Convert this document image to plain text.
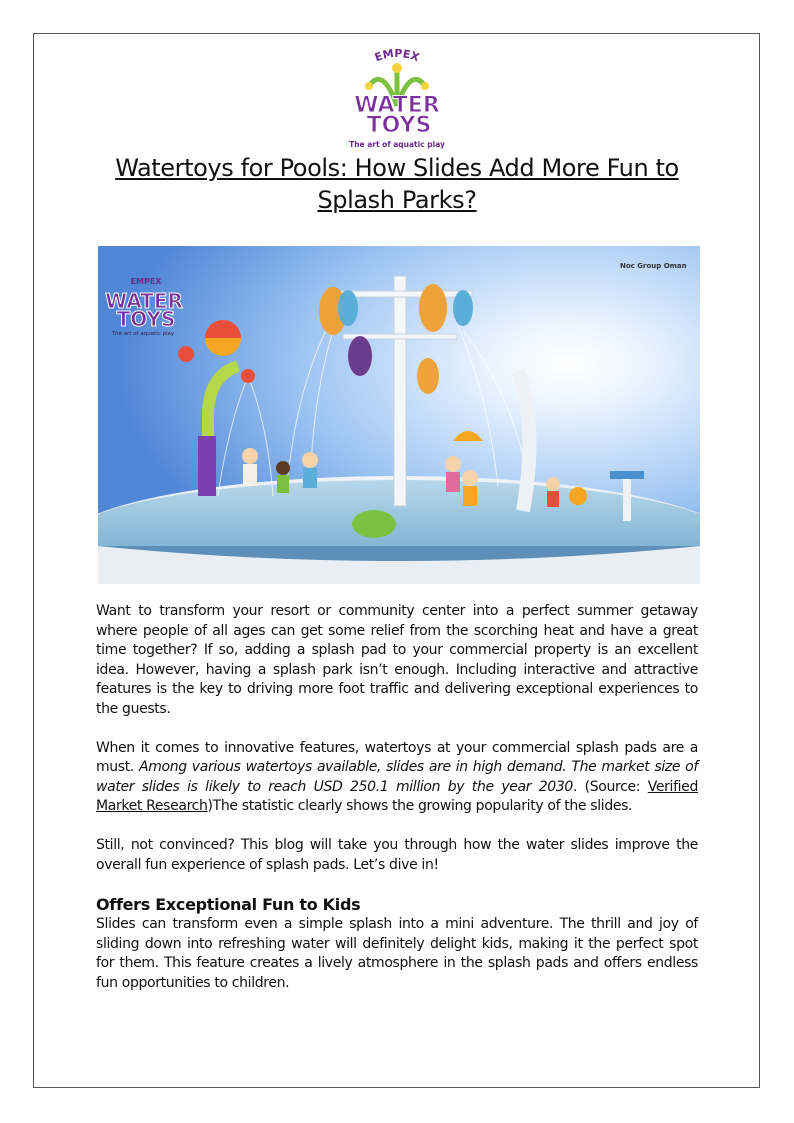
EMPEX
WATER
TOYS
The art of aquatic play
Watertoys for Pools: How Slides Add More Fun to Splash Parks?
EMPEX
WATER
TOYS
The art of aquatic play
Noc Group Oman

Want to transform your resort or community center into a perfect summer getaway where people of all ages can get some relief from the scorching heat and have a great time together? If so, adding a splash pad to your commercial property is an excellent idea. However, having a splash park isn’t enough. Including interactive and attractive features is the key to driving more foot traffic and delivering exceptional experiences to the guests.

When it comes to innovative features, watertoys at your commercial splash pads are a must. Among various watertoys available, slides are in high demand. The market size of water slides is likely to reach USD 250.1 million by the year 2030. (Source: Verified Market Research)The statistic clearly shows the growing popularity of the slides.

Still, not convinced? This blog will take you through how the water slides improve the overall fun experience of splash pads. Let’s dive in!

Offers Exceptional Fun to Kids

Slides can transform even a simple splash into a mini adventure. The thrill and joy of sliding down into refreshing water will definitely delight kids, making it the perfect spot for them. This feature creates a lively atmosphere in the splash pads and offers endless fun opportunities to children.
